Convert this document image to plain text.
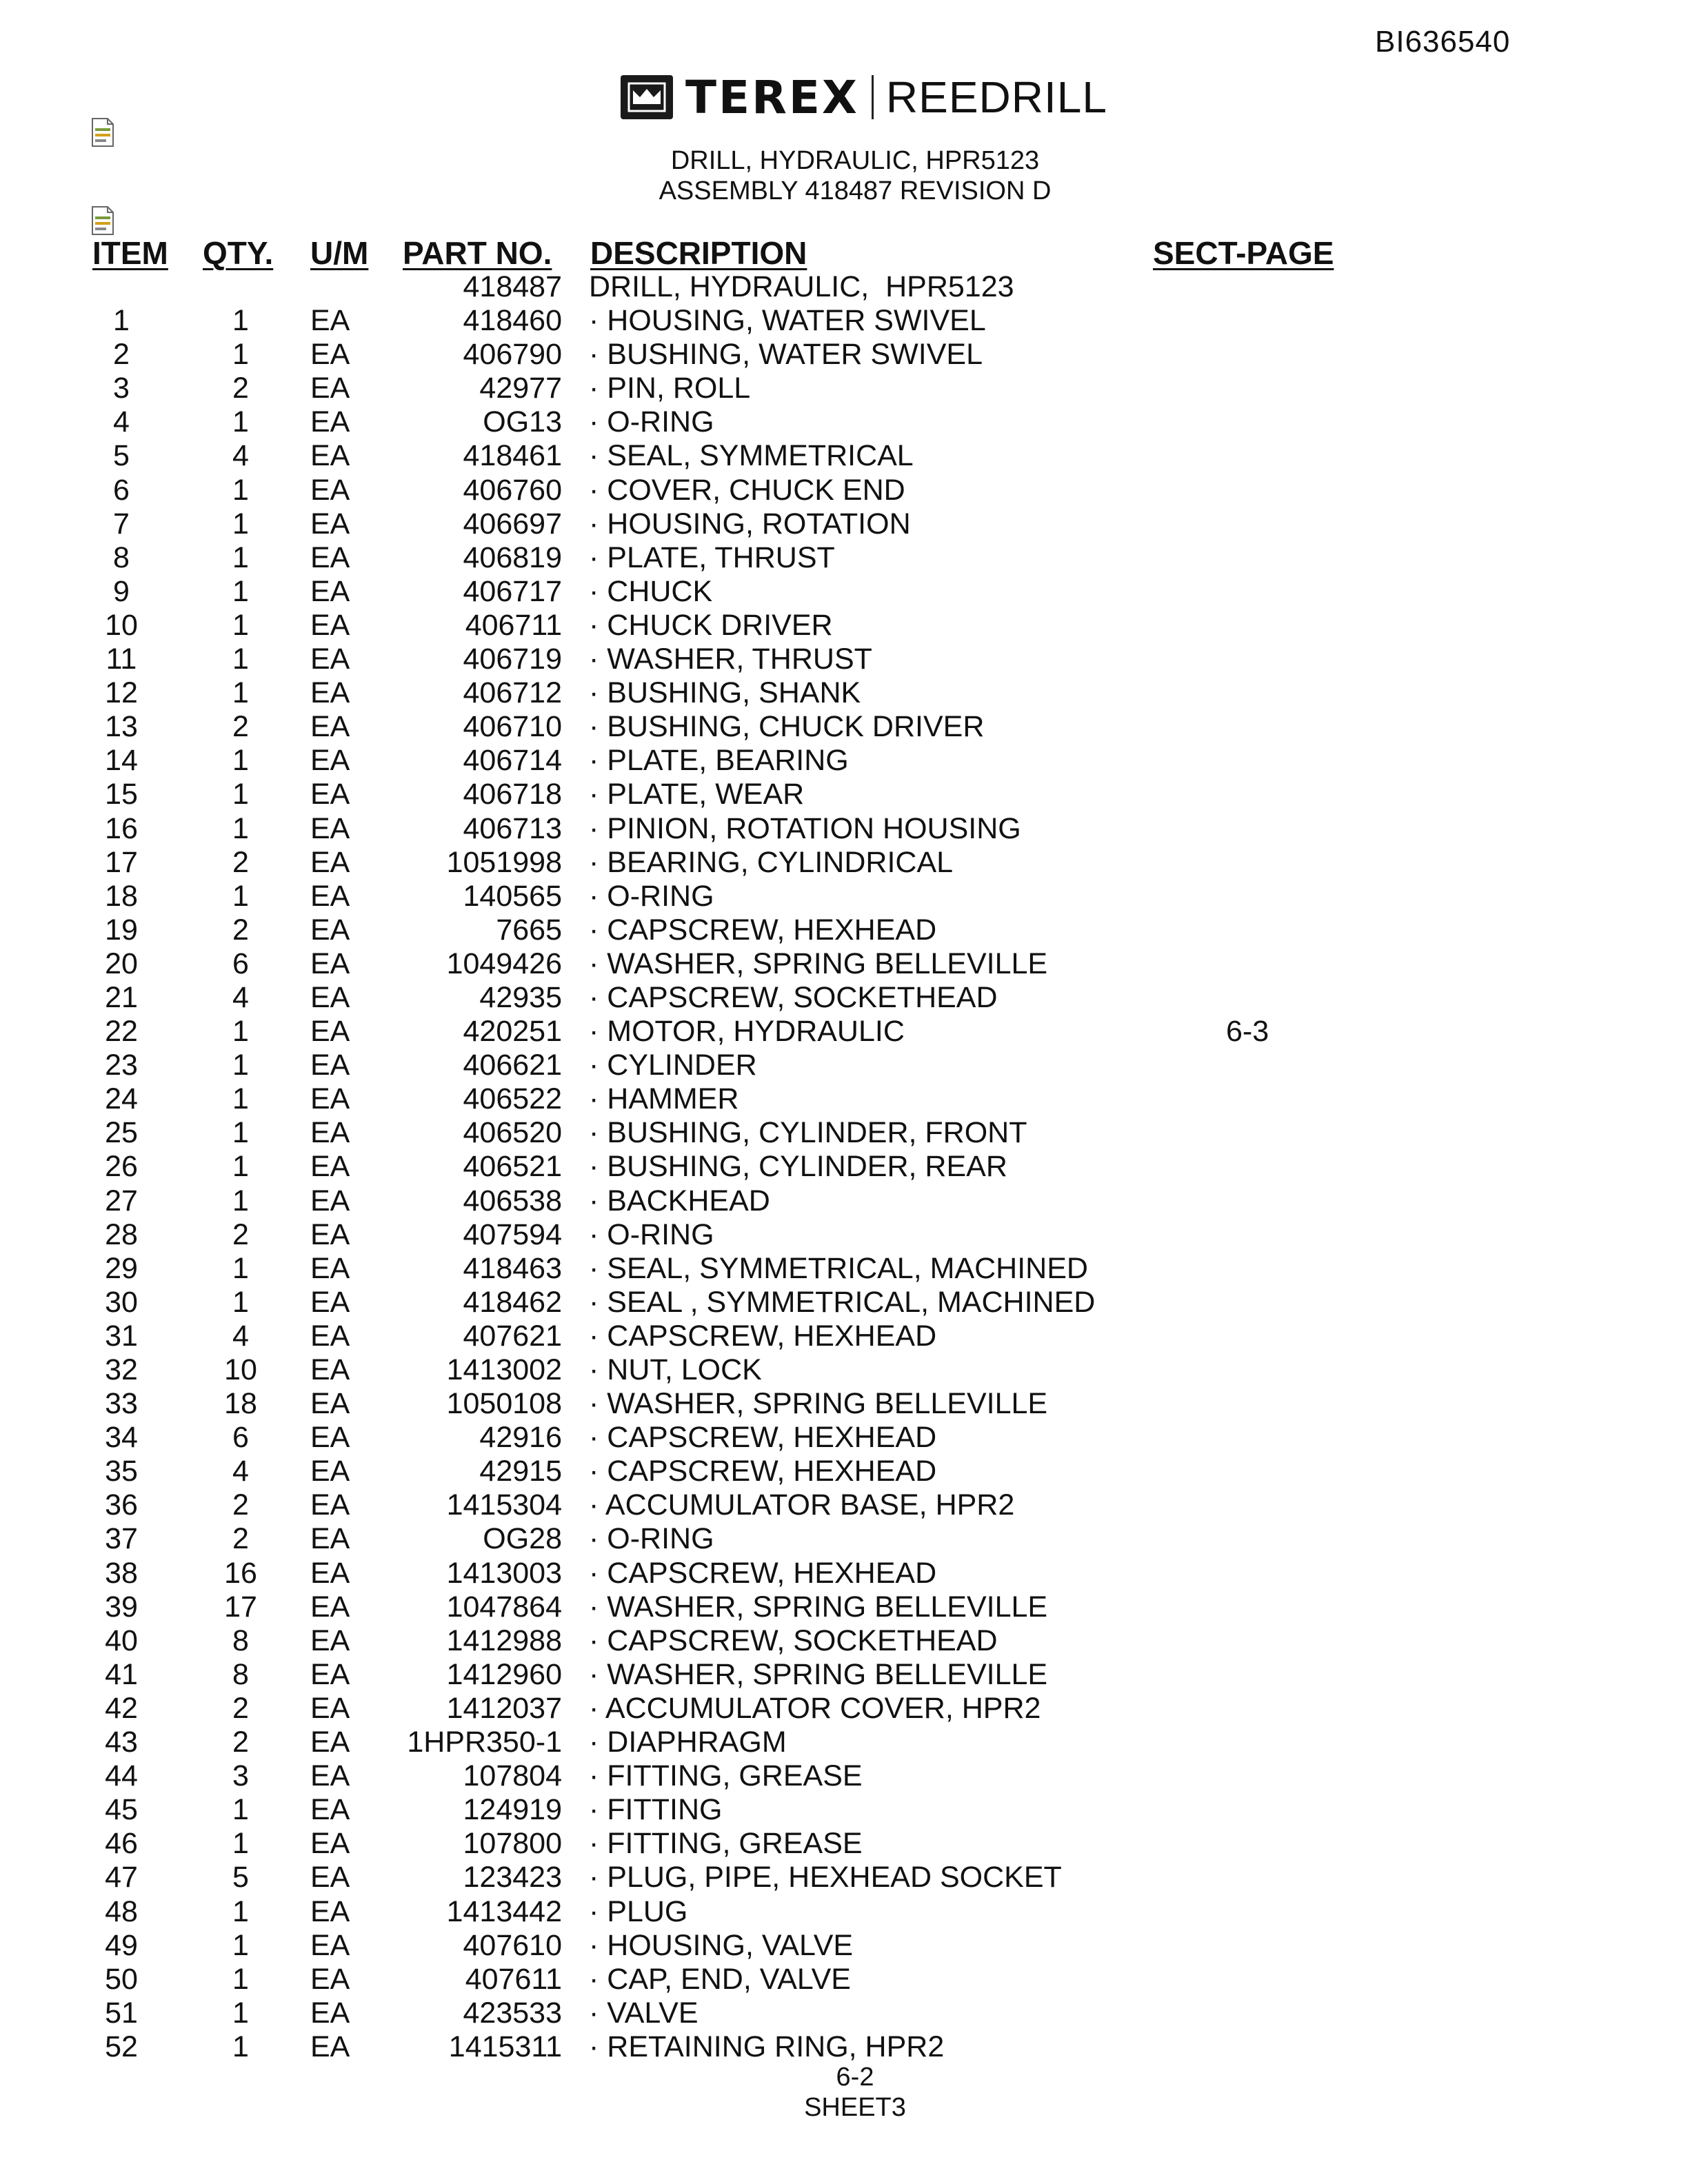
BI636540
TEREX REEDRILL
DRILL, HYDRAULIC, HPR5123
ASSEMBLY 418487 REVISION D
ITEM QTY. U/M PART NO. DESCRIPTION	SECT-PAGE
418487 DRILL, HYDRAULIC,  HPR5123
1	1	EA	418460 · HOUSING, WATER SWIVEL
2	1	EA	406790 · BUSHING, WATER SWIVEL
3	2	EA	42977 · PIN, ROLL
4	1	EA	OG13 · O-RING
5	4	EA	418461 · SEAL, SYMMETRICAL
6	1	EA	406760 · COVER, CHUCK END
7	1	EA	406697 · HOUSING, ROTATION
8	1	EA	406819 · PLATE, THRUST
9	1	EA	406717 · CHUCK
10	1	EA	406711 · CHUCK DRIVER
11	1	EA	406719 · WASHER, THRUST
12	1	EA	406712 · BUSHING, SHANK
13	2	EA	406710 · BUSHING, CHUCK DRIVER
14	1	EA	406714 · PLATE, BEARING
15	1	EA	406718 · PLATE, WEAR
16	1	EA	406713 · PINION, ROTATION HOUSING
17	2	EA	1051998 · BEARING, CYLINDRICAL
18	1	EA	140565 · O-RING
19	2	EA	7665 · CAPSCREW, HEXHEAD
20	6	EA	1049426 · WASHER, SPRING BELLEVILLE
21	4	EA	42935 · CAPSCREW, SOCKETHEAD
22	1	EA	420251 · MOTOR, HYDRAULIC	6-3
23	1	EA	406621 · CYLINDER
24	1	EA	406522 · HAMMER
25	1	EA	406520 · BUSHING, CYLINDER, FRONT
26	1	EA	406521 · BUSHING, CYLINDER, REAR
27	1	EA	406538 · BACKHEAD
28	2	EA	407594 · O-RING
29	1	EA	418463 · SEAL, SYMMETRICAL, MACHINED
30	1	EA	418462 · SEAL , SYMMETRICAL, MACHINED
31	4	EA	407621 · CAPSCREW, HEXHEAD
32	10	EA	1413002 · NUT, LOCK
33	18	EA	1050108 · WASHER, SPRING BELLEVILLE
34	6	EA	42916 · CAPSCREW, HEXHEAD
35	4	EA	42915 · CAPSCREW, HEXHEAD
36	2	EA	1415304 · ACCUMULATOR BASE, HPR2
37	2	EA	OG28 · O-RING
38	16	EA	1413003 · CAPSCREW, HEXHEAD
39	17	EA	1047864 · WASHER, SPRING BELLEVILLE
40	8	EA	1412988 · CAPSCREW, SOCKETHEAD
41	8	EA	1412960 · WASHER, SPRING BELLEVILLE
42	2	EA	1412037 · ACCUMULATOR COVER, HPR2
43	2	EA 1HPR350-1 · DIAPHRAGM
44	3	EA	107804 · FITTING, GREASE
45	1	EA	124919 · FITTING
46	1	EA	107800 · FITTING, GREASE
47	5	EA	123423 · PLUG, PIPE, HEXHEAD SOCKET
48	1	EA	1413442 · PLUG
49	1	EA	407610 · HOUSING, VALVE
50	1	EA	407611 · CAP, END, VALVE
51	1	EA	423533 · VALVE
52	1	EA	1415311 · RETAINING RING, HPR2
6-2
SHEET3
